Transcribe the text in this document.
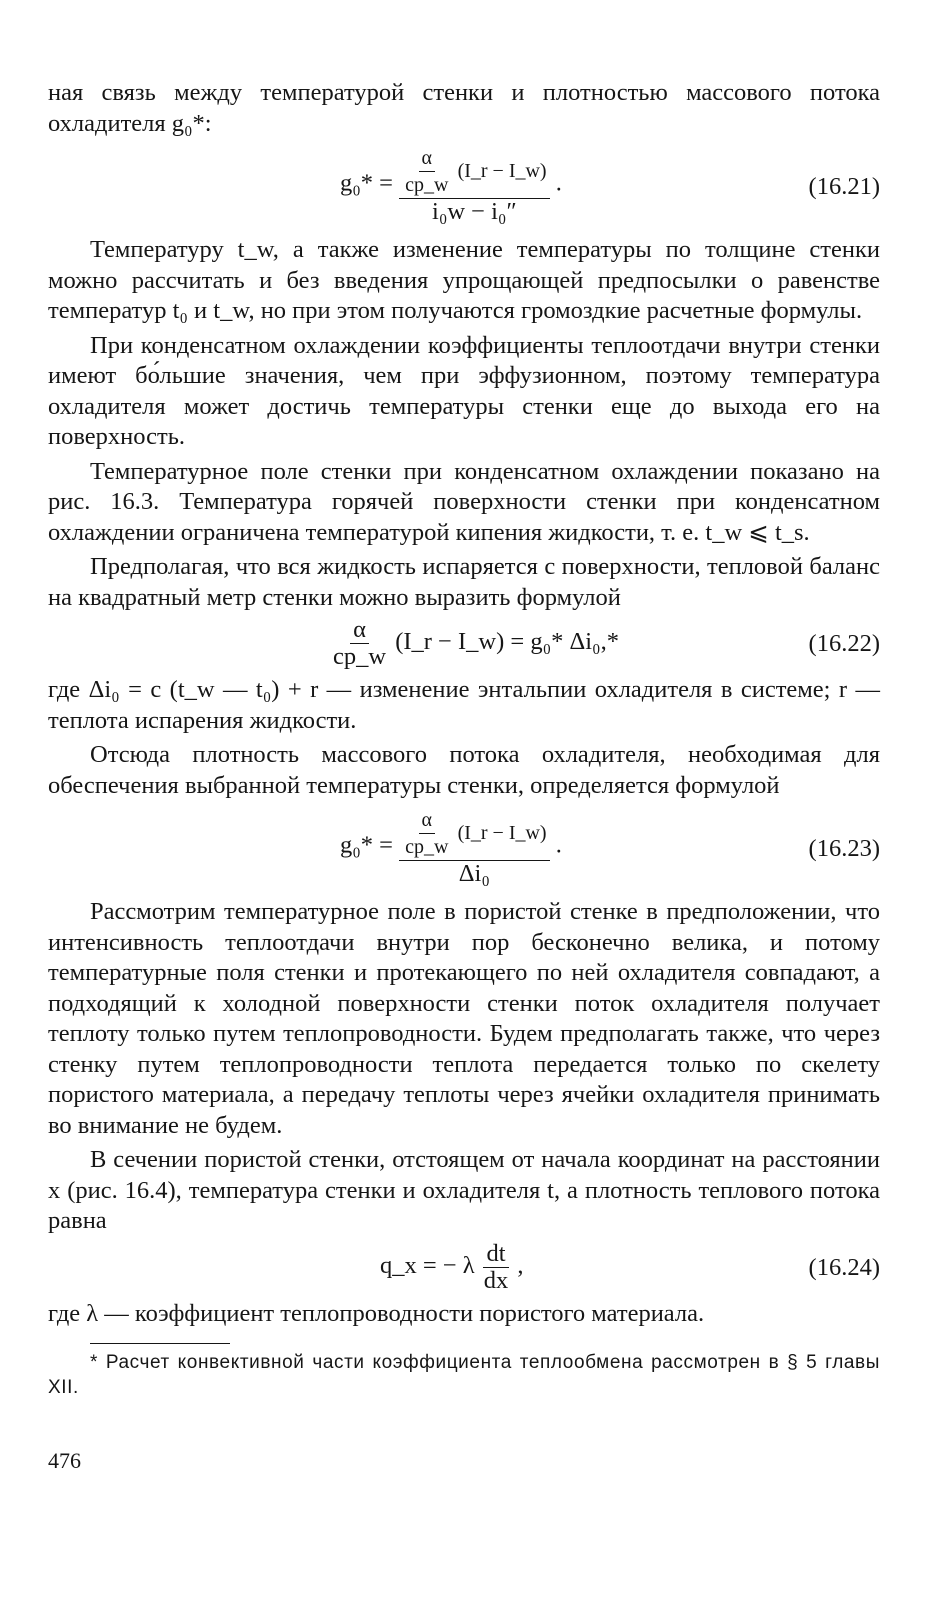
ная связь между температурой стенки и плотностью массового потока охладителя g₀*:

$g_0* = \frac{\frac{\alpha}{cp\_w} (I\_r - I\_w)}{\text{i₀w − i₀″}}$ .	(16.21)

Температуру t_w, а также изменение температуры по толщине стенки можно рассчитать и без введения упрощающей предпосылки о равенстве температур t₀ и t_w, но при этом получаются громоздкие расчетные формулы.

При конденсатном охлаждении коэффициенты теплоотдачи внутри стенки имеют бо́льшие значения, чем при эффузионном, поэтому температура охладителя может достичь температуры стенки еще до выхода его на поверхность.

Температурное поле стенки при конденсатном охлаждении показано на рис. 16.3. Температура горячей поверхности стенки при конденсатном охлаждении ограничена температурой кипения жидкости, т. е. t_w ⩽ t_s.

Предполагая, что вся жидкость испаряется с поверхности, тепловой баланс на квадратный метр стенки можно выразить формулой

$\frac{\alpha}{cp\_w}$ (I_r − I_w) = g₀* Δi₀,*	(16.22)

где Δi₀ = c (t_w — t₀) + r — изменение энтальпии охладителя в системе; r — теплота испарения жидкости.

Отсюда плотность массового потока охладителя, необходимая для обеспечения выбранной температуры стенки, определяется формулой

$g_0* = \frac{\frac{\alpha}{cp\_w} (I\_r - I\_w)}{\text{Δi₀}}$ .	(16.23)

Рассмотрим температурное поле в пористой стенке в предположении, что интенсивность теплоотдачи внутри пор бесконечно велика, и потому температурные поля стенки и протекающего по ней охладителя совпадают, а подходящий к холодной поверхности стенки поток охладителя получает теплоту только путем теплопроводности. Будем предполагать также, что через стенку путем теплопроводности теплота передается только по скелету пористого материала, а передачу теплоты через ячейки охладителя принимать во внимание не будем.

В сечении пористой стенки, отстоящем от начала координат на расстоянии x (рис. 16.4), температура стенки и охладителя t, а плотность теплового потока равна

q_x = − λ $\frac{dt}{dx}$ ,	(16.24)

где λ — коэффициент теплопроводности пористого материала.

* Расчет конвективной части коэффициента теплообмена рассмотрен в § 5 главы XII.
476
